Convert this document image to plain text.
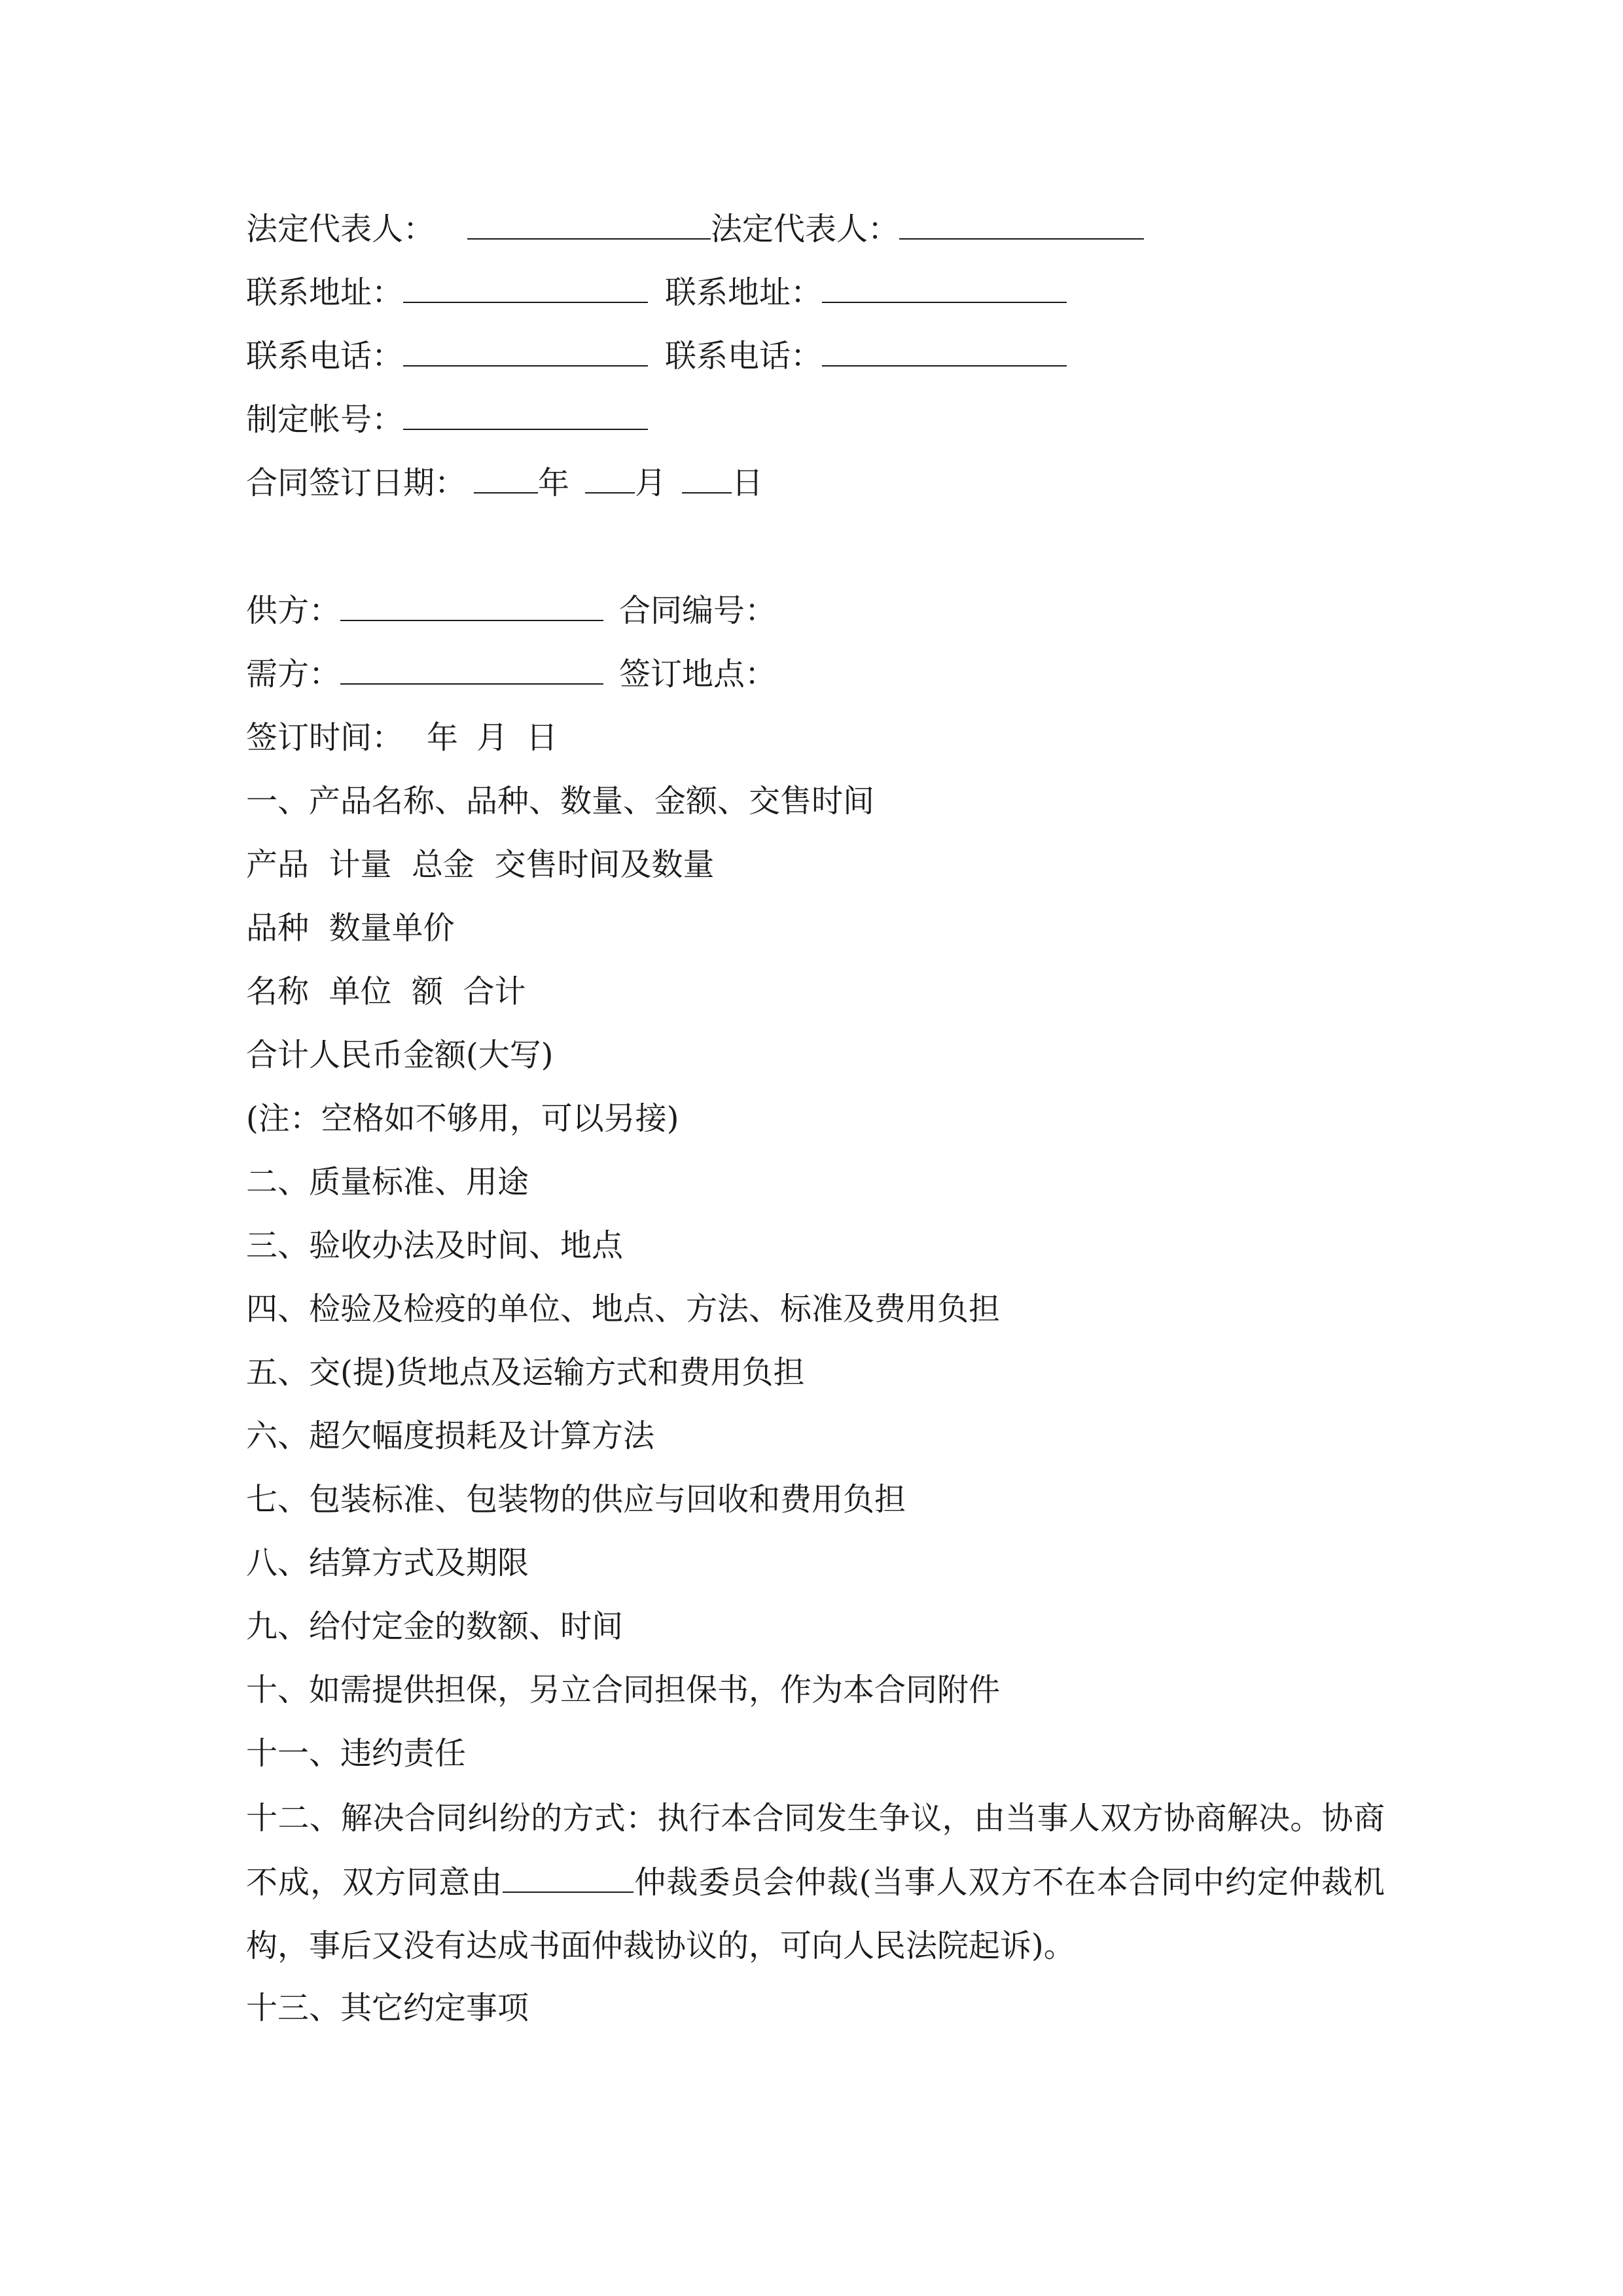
法定代表人：	法定代表人：
联系地址：	联系地址：
联系电话：	联系电话：
制定帐号：
合同签订日期： 年 月 日
供方：	合同编号：
需方：	签订地点：
签订时间： 年 月 日
一、产品名称、品种、数量、金额、交售时间
产品  计量  总金  交售时间及数量
品种  数量单价
名称  单位  额  合计
合计人民币金额(大写)
(注：空格如不够用，可以另接)
二、质量标准、用途
三、验收办法及时间、地点
四、检验及检疫的单位、地点、方法、标准及费用负担
五、交(提)货地点及运输方式和费用负担
六、超欠幅度损耗及计算方法
七、包装标准、包装物的供应与回收和费用负担
八、结算方式及期限
九、给付定金的数额、时间
十、如需提供担保，另立合同担保书，作为本合同附件
十一、违约责任
十二、解决合同纠纷的方式：执行本合同发生争议，由当事人双方协商解决。协商不成，双方同意由	仲裁委员会仲裁(当事人双方不在本合同中约定仲裁机构，事后又没有达成书面仲裁协议的，可向人民法院起诉)。
十三、其它约定事项
